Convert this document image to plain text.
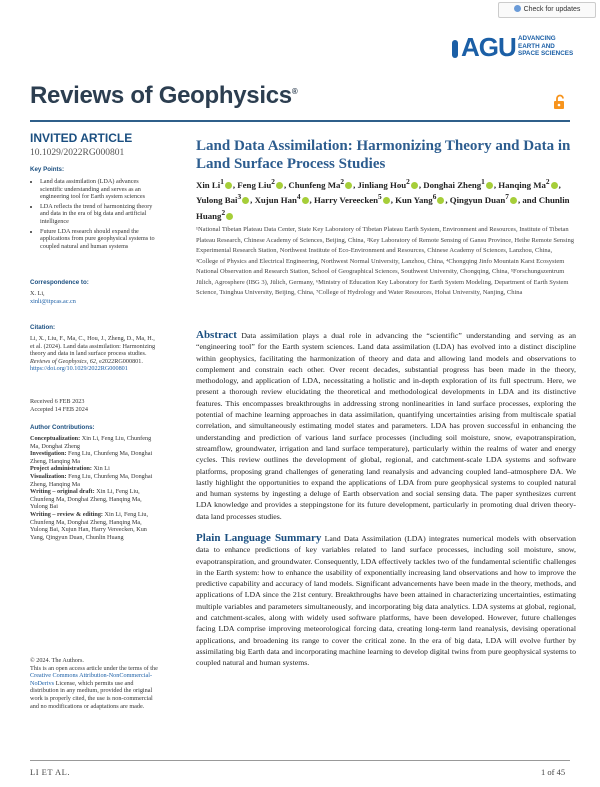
Check for updates
AGU ADVANCING
EARTH AND
SPACE SCIENCES
Reviews of Geophysics®
INVITED ARTICLE
10.1029/2022RG000801
Key Points:
• Land data assimilation (LDA) advances scientific understanding and serves as an engineering tool for Earth system sciences
• LDA reflects the trend of harmonizing theory and data in the era of big data and artificial intelligence
• Future LDA research should expand the applications from pure geophysical systems to coupled natural and human systems
Correspondence to:
X. Li,
xinli@itpcas.ac.cn
Citation:
Li, X., Liu, F., Ma, C., Hou, J., Zheng, D., Ma, H., et al. (2024). Land data assimilation: Harmonizing theory and data in land surface process studies. Reviews of Geophysics, 62, e2022RG000801. https://doi.org/10.1029/2022RG000801
Received 6 FEB 2023
Accepted 14 FEB 2024
Author Contributions:
Conceptualization: Xin Li, Feng Liu, Chunfeng Ma, Donghai Zheng
Investigation: Feng Liu, Chunfeng Ma, Donghai Zheng, Hanqing Ma
Project administration: Xin Li
Visualization: Feng Liu, Chunfeng Ma, Donghai Zheng, Hanqing Ma
Writing – original draft: Xin Li, Feng Liu, Chunfeng Ma, Donghai Zheng, Hanqing Ma, Yulong Bai
Writing – review & editing: Xin Li, Feng Liu, Chunfeng Ma, Donghai Zheng, Hanqing Ma, Yulong Bai, Xujun Han, Harry Vereecken, Kun Yang, Qingyun Duan, Chunlin Huang
© 2024. The Authors.
This is an open access article under the terms of the Creative Commons Attribution-NonCommercial-NoDerivs License, which permits use and distribution in any medium, provided the original work is properly cited, the use is non-commercial and no modifications or adaptations are made.
Land Data Assimilation: Harmonizing Theory and Data in Land Surface Process Studies
Xin Li$^1$ , Feng Liu$^2$ , Chunfeng Ma$^2$ , Jinliang Hou$^2$ , Donghai Zheng$^1$ , Hanqing Ma$^2$ , Yulong Bai$^3$ , Xujun Han$^4$ , Harry Vereecken$^5$ , Kun Yang$^6$ , Qingyun Duan$^7$ , and Chunlin Huang$^2$
¹National Tibetan Plateau Data Center, State Key Laboratory of Tibetan Plateau Earth System, Environment and Resources, Institute of Tibetan Plateau Research, Chinese Academy of Sciences, Beijing, China, ²Key Laboratory of Remote Sensing of Gansu Province, Heihe Remote Sensing Experimental Research Station, Northwest Institute of Eco-Environment and Resources, Chinese Academy of Sciences, Lanzhou, China, ³College of Physics and Electrical Engineering, Northwest Normal University, Lanzhou, China, ⁴Chongqing Jinfo Mountain Karst Ecosystem National Observation and Research Station, School of Geographical Sciences, Southwest University, Chongqing, China, ⁵Forschungszentrum Jülich, Agrosphere (IBG 3), Jülich, Germany, ⁶Ministry of Education Key Laboratory for Earth System Modeling, Department of Earth System Science, Tsinghua University, Beijing, China, ⁷College of Hydrology and Water Resources, Hohai University, Nanjing, China
Abstract Data assimilation plays a dual role in advancing the “scientific” understanding and serving as an “engineering tool” for the Earth system sciences. Land data assimilation (LDA) has evolved into a distinct discipline within geophysics, facilitating the harmonization of theory and data and allowing land models and observations to complement and constrain each other. Over recent decades, substantial progress has been made in the theory, methodology, and application of LDA, necessitating a holistic and in-depth exploration of its full spectrum. Here, we present a thorough review elucidating the theoretical and methodological developments in LDA and its distinctive features. This encompasses breakthroughs in addressing strong nonlinearities in land surface processes, exploring the potential of machine learning approaches in data assimilation, quantifying uncertainties arising from multiscale spatial correlation, and simultaneously estimating model states and parameters. LDA has proven successful in enhancing the understanding and prediction of various land surface processes (including soil moisture, snow, evapotranspiration, streamflow, groundwater, irrigation and land surface temperature), particularly within the realms of water and energy cycles. This review outlines the development of global, regional, and catchment-scale LDA systems and software platforms, proposing grand challenges of generating land reanalysis and advancing coupled land–atmosphere DA. We lastly highlight the opportunities to expand the applications of LDA from pure geophysical systems to coupled natural and human systems by ingesting a deluge of Earth observation and social sensing data. The paper synthesizes current LDA knowledge and provides a steppingstone for its future development, particularly in promoting dual driven theory-data land processes studies.
Plain Language Summary Land Data Assimilation (LDA) integrates numerical models with observation data to enhance predictions of key variables related to land surface processes, including soil moisture, snow, evapotranspiration, and groundwater. Consequently, LDA effectively tackles two of the fundamental scientific challenges in the Earth system: how to enhance the usability of exponentially increasing land observations and how to improve the predictive capability and accuracy of land models. Significant advancements have been made in the theory, methods, and applications of LDA since the 21st century. Breakthroughs have been attained in characterizing uncertainties, estimating multiple variables and parameters simultaneously, and incorporating big data analytics. LDA systems at global, regional, and catchment-scales, along with widely used software platforms, have been developed. However, future challenges facing LDA comprise improving meteorological forcing data, creating long-term land reanalysis, devising operational applications, and broadening its range to cover the critical zone. In the era of big data, LDA will evolve further by assimilating big Earth data and incorporating machine learning to develop digital twins from pure geophysical systems to coupled natural and human systems.
LI ET AL.	1 of 45
